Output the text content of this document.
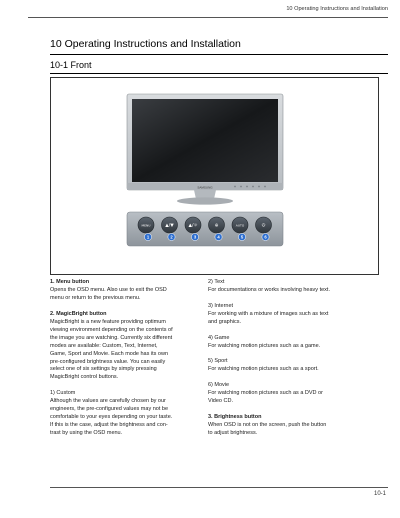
10 Operating Instructions and Installation
10 Operating Instructions and Installation
10-1 Front
SAMSUNG
MENU
1
▲/▼
2
▲/☼
3
⊕
4
AUTO
5
⏻
6

1. Menu button

Opens the OSD menu. Also use to exit the OSD

menu or return to the previous menu.

2. MagicBright button

MagicBright is a new feature providing optimum

viewing environment depending on the contents of

the image you are watching. Currently six different

modes are available: Custom, Text, Internet,

Game, Sport and Movie. Each mode has its own

pre-configured brightness value. You can easily

select one of six settings by simply pressing

MagicBright control buttons.

1) Custom

Although the values are carefully chosen by our

engineers, the pre-configured values may not be

comfortable to your eyes depending on your taste.

If this is the case, adjust the brightness and con-

trast by using the OSD menu.

2) Text

For documentations or works involving heavy text.

3) Internet

For working with a mixture of images such as text

and graphics.

4) Game

For watching motion pictures such as a game.

5) Sport

For watching motion pictures such as a sport.

6) Movie

For watching motion pictures such as a DVD or

Video CD.

3. Brightness button

When OSD is not on the screen, push the button

to adjust brightness.

10-1
